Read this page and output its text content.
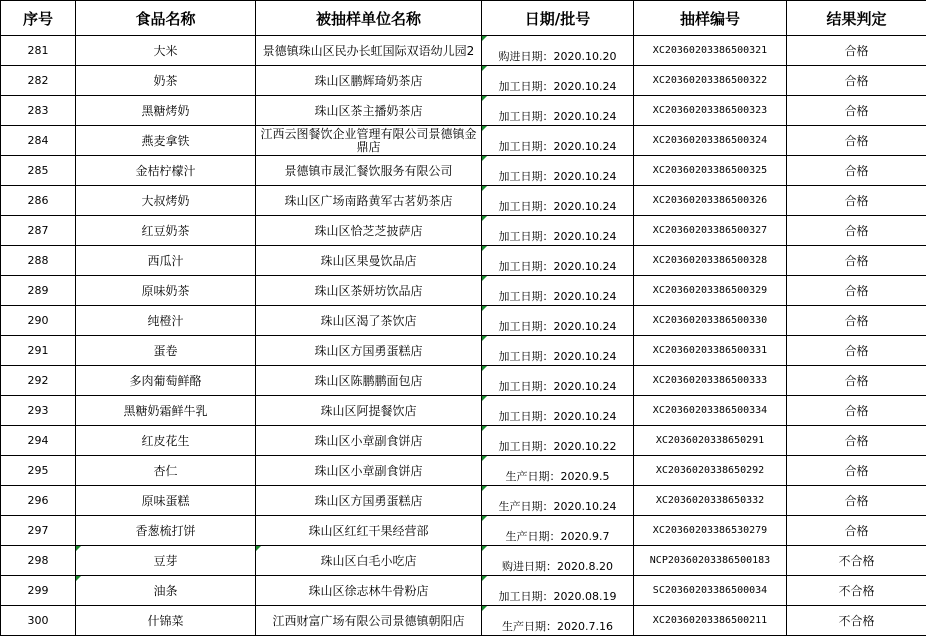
序号	食品名称	被抽样单位名称	日期/批号	抽样编号	结果判定
281	大米	景德镇珠山区民办长虹国际双语幼儿园2	购进日期：2020.10.20	XC20360203386500321	合格
282	奶茶	珠山区鹏辉琦奶茶店	加工日期：2020.10.24	XC20360203386500322	合格
283	黑糖烤奶	珠山区茶主播奶茶店	加工日期：2020.10.24	XC20360203386500323	合格
284	燕麦拿铁	江西云图餐饮企业管理有限公司景德镇金鼎店	加工日期：2020.10.24	XC20360203386500324	合格
285	金桔柠檬汁	景德镇市晟汇餐饮服务有限公司	加工日期：2020.10.24	XC20360203386500325	合格
286	大叔烤奶	珠山区广场南路黄军古茗奶茶店	加工日期：2020.10.24	XC20360203386500326	合格
287	红豆奶茶	珠山区恰芝芝披萨店	加工日期：2020.10.24	XC20360203386500327	合格
288	西瓜汁	珠山区果曼饮品店	加工日期：2020.10.24	XC20360203386500328	合格
289	原味奶茶	珠山区茶妍坊饮品店	加工日期：2020.10.24	XC20360203386500329	合格
290	纯橙汁	珠山区渴了茶饮店	加工日期：2020.10.24	XC20360203386500330	合格
291	蛋卷	珠山区方国勇蛋糕店	加工日期：2020.10.24	XC20360203386500331	合格
292	多肉葡萄鲜酪	珠山区陈鹏鹏面包店	加工日期：2020.10.24	XC20360203386500333	合格
293	黑糖奶霜鲜牛乳	珠山区阿提餐饮店	加工日期：2020.10.24	XC20360203386500334	合格
294	红皮花生	珠山区小章副食饼店	加工日期：2020.10.22	XC2036020338650291	合格
295	杏仁	珠山区小章副食饼店	生产日期：2020.9.5	XC2036020338650292	合格
296	原味蛋糕	珠山区方国勇蛋糕店	生产日期：2020.10.24	XC2036020338650332	合格
297	香葱梳打饼	珠山区红红干果经营部	生产日期：2020.9.7	XC20360203386530279	合格
298	豆芽	珠山区白毛小吃店	购进日期：2020.8.20	NCP20360203386500183	不合格
299	油条	珠山区徐志林牛骨粉店	加工日期：2020.08.19	SC20360203386500034	不合格
300	什锦菜	江西财富广场有限公司景德镇朝阳店	生产日期：2020.7.16	XC20360203386500211	不合格
